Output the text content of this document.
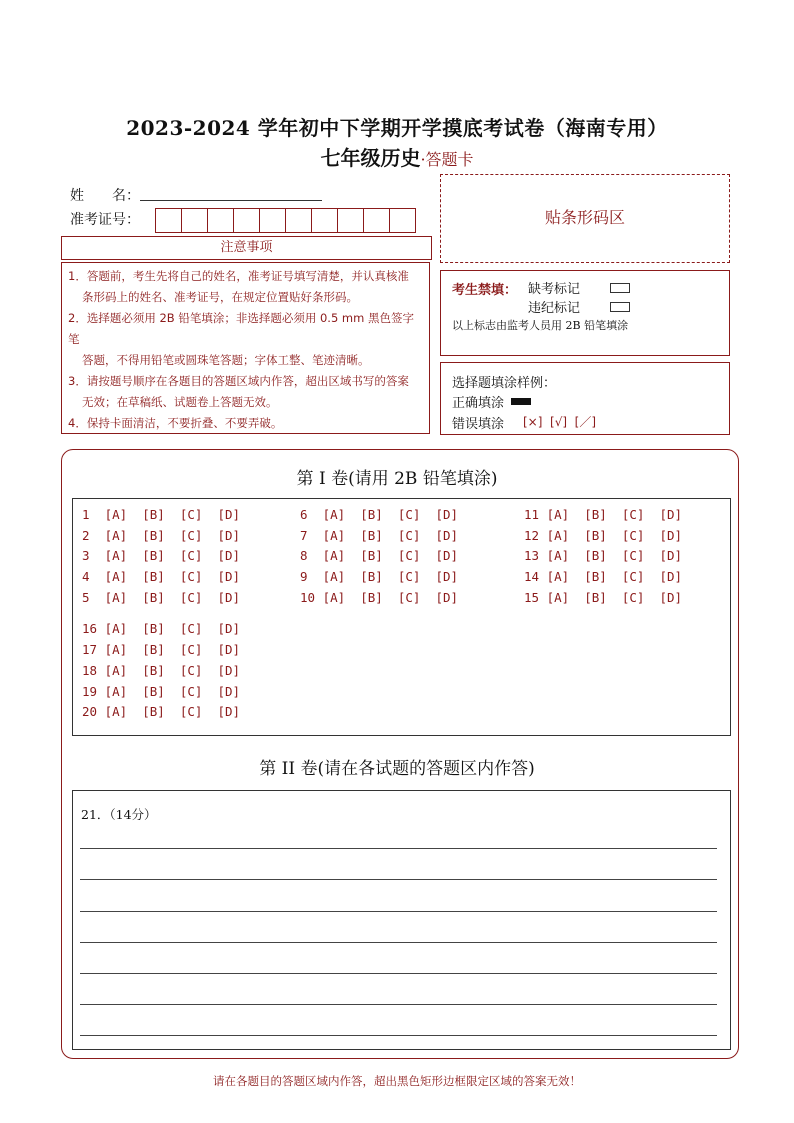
2023-2024 学年初中下学期开学摸底考试卷（海南专用）
七年级历史·答题卡
姓　　名：
准考证号：
注意事项

1．答题前，考生先将自己的姓名，准考证号填写清楚，并认真核准

条形码上的姓名、准考证号，在规定位置贴好条形码。

2．选择题必须用 2B 铅笔填涂；非选择题必须用 0.5 mm 黑色签字笔

答题，不得用铅笔或圆珠笔答题；字体工整、笔迹清晰。

3．请按题号顺序在各题目的答题区域内作答，超出区域书写的答案

无效；在草稿纸、试题卷上答题无效。

4．保持卡面清洁，不要折叠、不要弄破。

贴条形码区
考生禁填： 缺考标记
违纪标记
以上标志由监考人员用 2B 铅笔填涂
选择题填涂样例：
正确填涂
错误填涂 [×]  [√]  [／]
第 I 卷(请用 2B 铅笔填涂)
1  [A]  [B]  [C]  [D]
2  [A]  [B]  [C]  [D]
3  [A]  [B]  [C]  [D]
4  [A]  [B]  [C]  [D]
5  [A]  [B]  [C]  [D]
6  [A]  [B]  [C]  [D]
7  [A]  [B]  [C]  [D]
8  [A]  [B]  [C]  [D]
9  [A]  [B]  [C]  [D]
10 [A]  [B]  [C]  [D]
11 [A]  [B]  [C]  [D]
12 [A]  [B]  [C]  [D]
13 [A]  [B]  [C]  [D]
14 [A]  [B]  [C]  [D]
15 [A]  [B]  [C]  [D]
16 [A]  [B]  [C]  [D]
17 [A]  [B]  [C]  [D]
18 [A]  [B]  [C]  [D]
19 [A]  [B]  [C]  [D]
20 [A]  [B]  [C]  [D]
第 II 卷(请在各试题的答题区内作答)
21．（14分）
请在各题目的答题区域内作答，超出黑色矩形边框限定区域的答案无效！
